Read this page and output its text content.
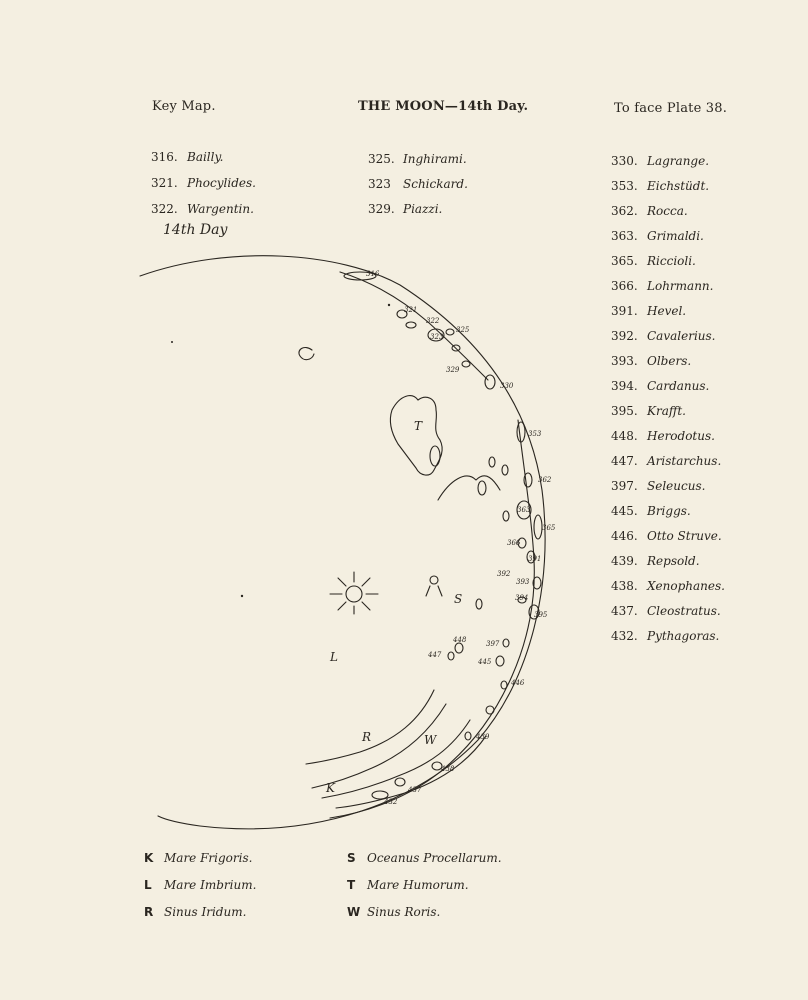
Key Map.	THE MOON—14th Day.	To face Plate 38.
316. Bailly.
321. Phocylides.
322. Wargentin.
14th Day
325. Inghirami.
323 Schickard.
329. Piazzi.
330. Lagrange.
353. Eichstüdt.
362. Rocca.
363. Grimaldi.
365. Riccioli.
366. Lohrmann.
391. Hevel.
392. Cavalerius.
393. Olbers.
394. Cardanus.
395. Krafft.
448. Herodotus.
447. Aristarchus.
397. Seleucus.
445. Briggs.
446. Otto Struve.
439. Repsold.
438. Xenophanes.
437. Cleostratus.
432. Pythagoras.
316
321
322
323
325
329
330
353
362
363
365
366
391
392
393
394
395
448
447
397
445
446
439
438
437
432
T
S
L
R	W
K
K Mare Frigoris.
L Mare Imbrium.
R Sinus Iridum.
S Oceanus Procellarum.
T Mare Humorum.
W Sinus Roris.
